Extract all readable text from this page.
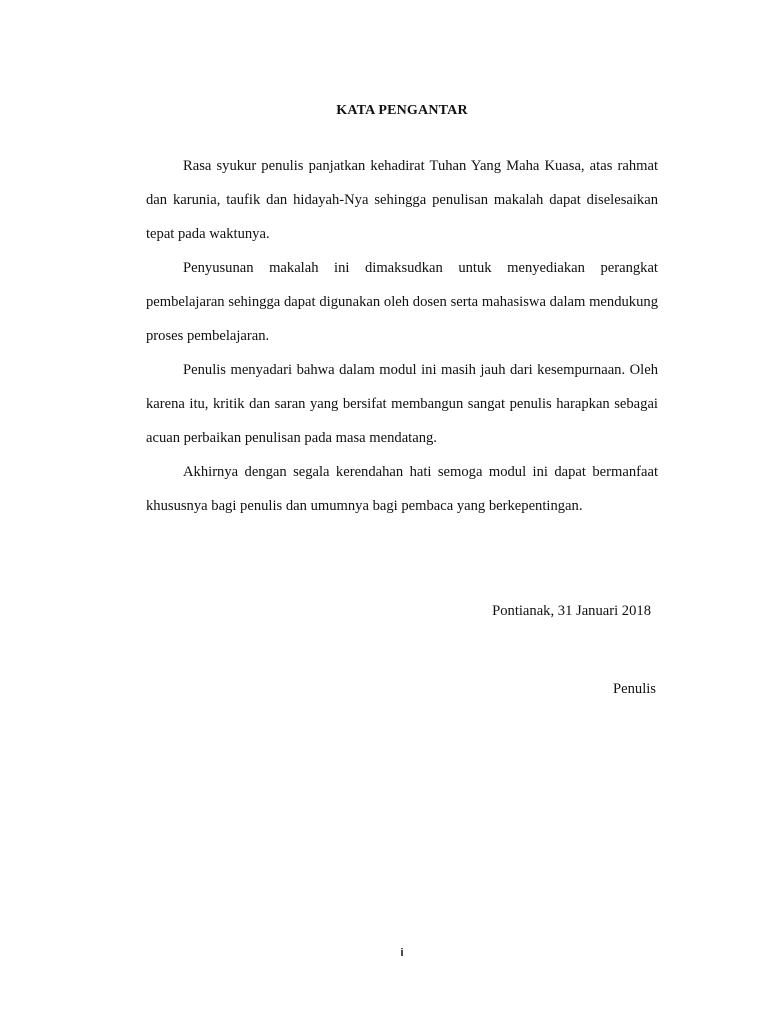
KATA PENGANTAR

Rasa syukur penulis panjatkan kehadirat Tuhan Yang Maha Kuasa, atas rahmat dan karunia, taufik dan hidayah-Nya sehingga penulisan makalah dapat diselesaikan tepat pada waktunya.

Penyusunan makalah ini dimaksudkan untuk menyediakan perangkat pembelajaran sehingga dapat digunakan oleh dosen serta mahasiswa dalam mendukung proses pembelajaran.

Penulis menyadari bahwa dalam modul ini masih jauh dari kesempurnaan. Oleh karena itu, kritik dan saran yang bersifat membangun sangat penulis harapkan sebagai acuan perbaikan penulisan pada masa mendatang.

Akhirnya dengan segala kerendahan hati semoga modul ini dapat bermanfaat khususnya bagi penulis dan umumnya bagi pembaca yang berkepentingan.

Pontianak, 31 Januari 2018
Penulis
i
